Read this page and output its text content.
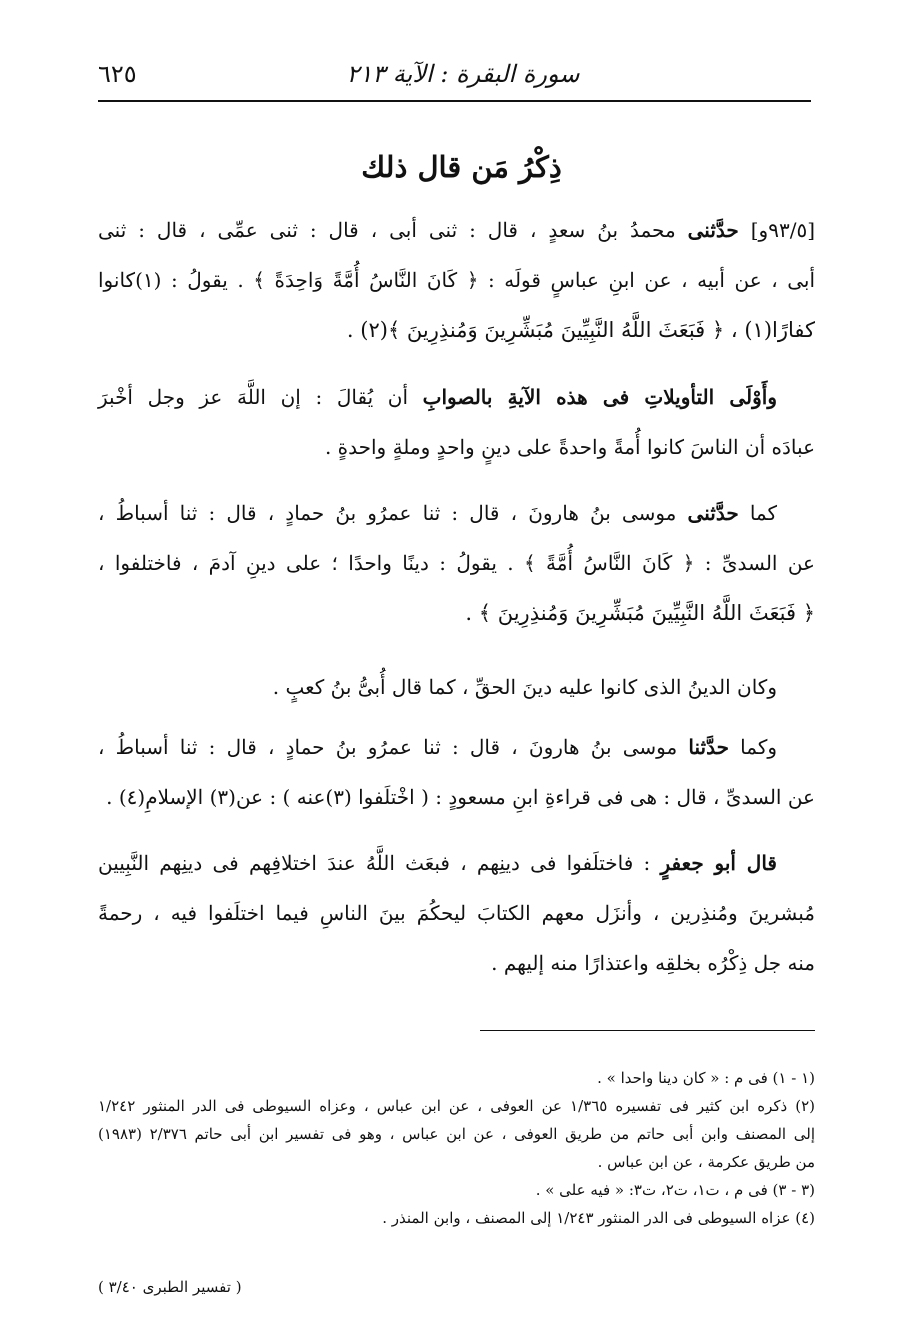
سورة البقرة : الآية ٢١٣
٦٢٥
ذِكْرُ مَن قال ذلك
[٩٣/٥و] حدَّثنى محمدُ بنُ سعدٍ ، قال : ثنى أبى ، قال : ثنى عمِّى ، قال : ثنى
أبى ، عن أبيه ، عن ابنِ عباسٍ قولَه : ﴿ كَانَ النَّاسُ أُمَّةً وَاحِدَةً ﴾ . يقولُ : (١)كانوا
كفارًا(١) ، ﴿ فَبَعَثَ اللَّهُ النَّبِيِّينَ مُبَشِّرِينَ وَمُنذِرِينَ ﴾(٢) .
وأَوْلَى التأويلاتِ فى هذه الآيةِ بالصوابِ أن يُقالَ : إن اللَّهَ عز وجل أخْبرَ
عبادَه أن الناسَ كانوا أُمةً واحدةً على دينٍ واحدٍ وملةٍ واحدةٍ .
كما حدَّثنى موسى بنُ هارونَ ، قال : ثنا عمرُو بنُ حمادٍ ، قال : ثنا أسباطُ ،
عن السدىِّ : ﴿ كَانَ النَّاسُ أُمَّةً ﴾ . يقولُ : دينًا واحدًا ؛ على دينِ آدمَ ، فاختلفوا ،
﴿ فَبَعَثَ اللَّهُ النَّبِيِّينَ مُبَشِّرِينَ وَمُنذِرِينَ ﴾ .
وكان الدينُ الذى كانوا عليه دينَ الحقِّ ، كما قال أُبىُّ بنُ كعبٍ .
وكما حدَّثنا موسى بنُ هارونَ ، قال : ثنا عمرُو بنُ حمادٍ ، قال : ثنا أسباطُ ،
عن السدىِّ ، قال : هى فى قراءةِ ابنِ مسعودٍ : ( اخْتلَفوا (٣)عنه ) : عن(٣) الإسلامِ(٤) .
قال أبو جعفرٍ : فاختلَفوا فى دينِهم ، فبعَث اللَّهُ عندَ اختلافِهم فى دينِهم النَّبِيين
مُبشرينَ ومُنذِرين ، وأنزَل معهم الكتابَ ليحكُمَ بينَ الناسِ فيما اختلَفوا فيه ، رحمةً
منه جل ذِكْرُه بخلقِه واعتذارًا منه إليهم .
(١ - ١) فى م : « كان دينا واحدا » .
(٢) ذكره ابن كثير فى تفسيره ١/٣٦٥ عن العوفى ، عن ابن عباس ، وعزاه السيوطى فى الدر المنثور ١/٢٤٢
إلى المصنف وابن أبى حاتم من طريق العوفى ، عن ابن عباس ، وهو فى تفسير ابن أبى حاتم ٢/٣٧٦ (١٩٨٣)
من طريق عكرمة ، عن ابن عباس .
(٣ - ٣) فى م ، ت١، ت٢، ت٣: « فيه على » .
(٤) عزاه السيوطى فى الدر المنثور ١/٢٤٣ إلى المصنف ، وابن المنذر .
( تفسير الطبرى ٣/٤٠ )
